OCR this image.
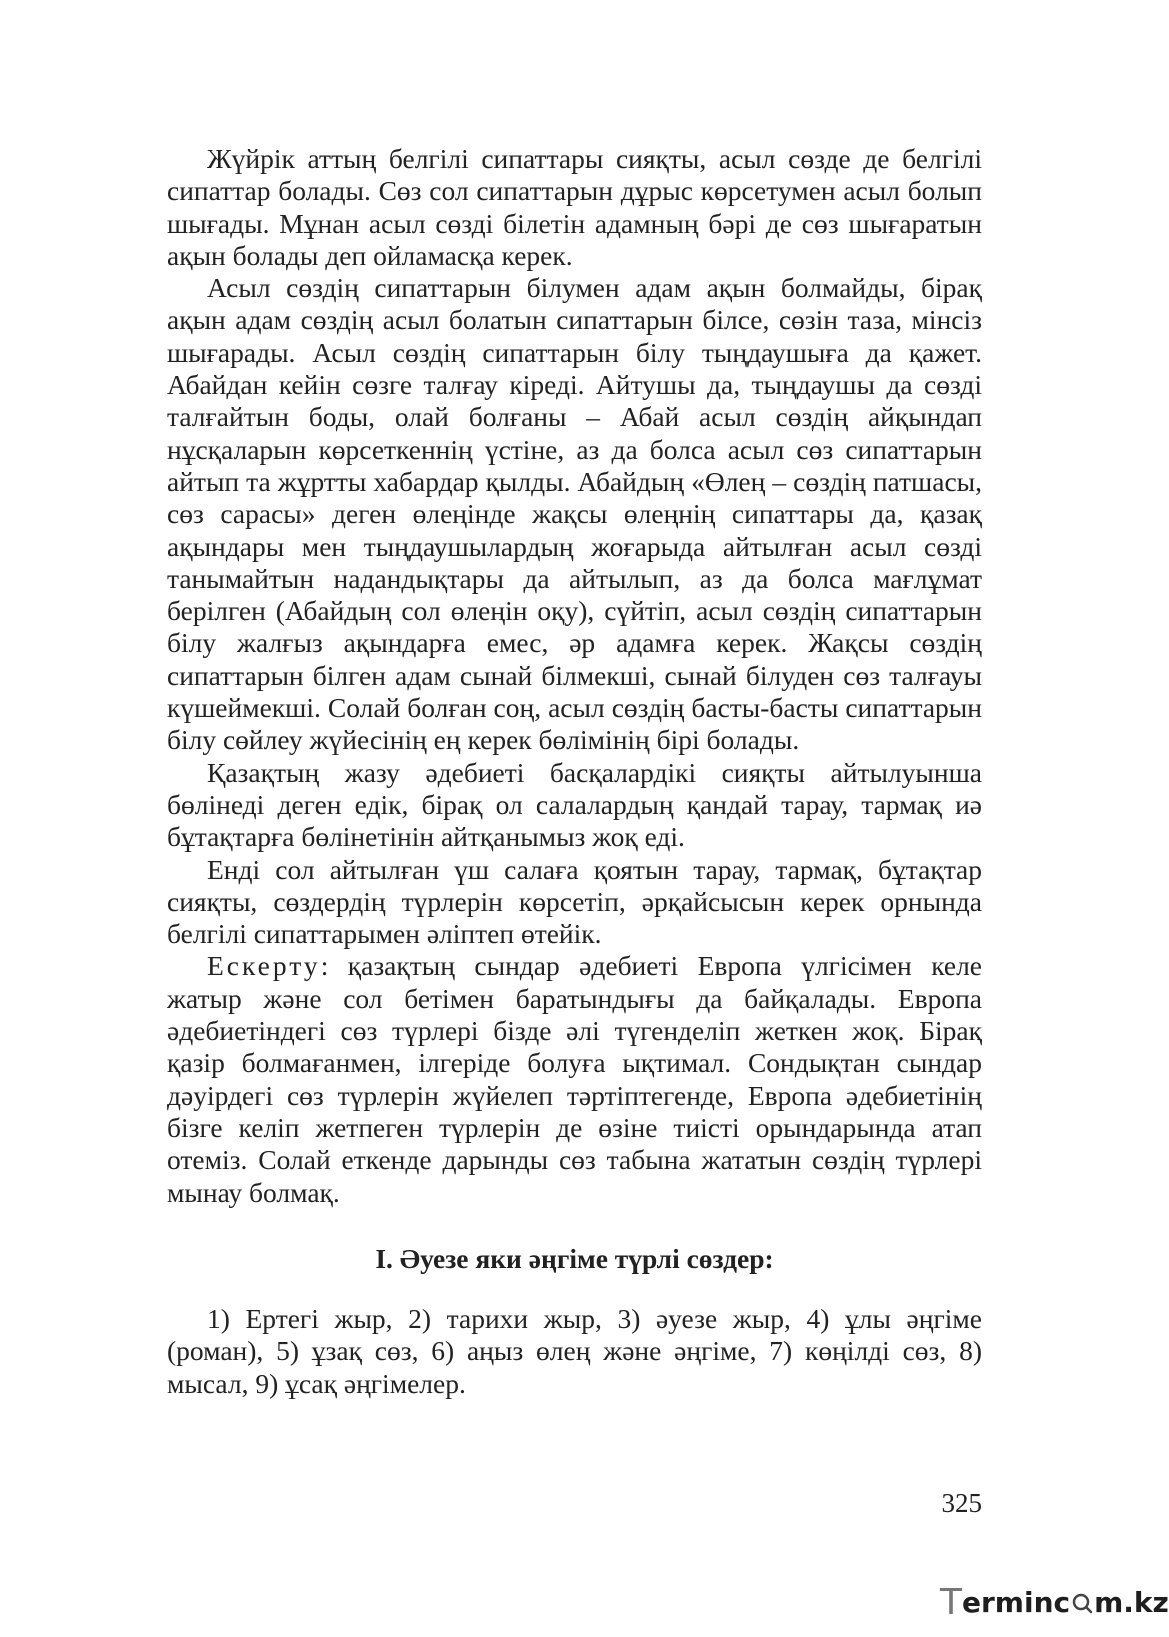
Жүйрік аттың белгілі сипаттары сияқты, асыл сөзде де белгілі сипаттар болады. Сөз сол сипаттарын дұрыс көрсетумен асыл болып шығады. Мұнан асыл сөзді білетін адамның бәрі де сөз шығаратын ақын болады деп ойламасқа керек.

Асыл сөздің сипаттарын білумен адам ақын болмайды, бірақ ақын адам сөздің асыл болатын сипаттарын білсе, сөзін таза, мінсіз шығарады. Асыл сөздің сипаттарын білу тыңдаушыға да қажет. Абайдан кейін сөзге талғау кіреді. Айтушы да, тыңдаушы да сөзді талғайтын боды, олай болғаны – Абай асыл сөздің айқындап нұсқаларын көрсеткеннің үстіне, аз да болса асыл сөз сипаттарын айтып та жұртты хабардар қылды. Абайдың «Өлең – сөздің патшасы, сөз сарасы» деген өлеңінде жақсы өлеңнің сипаттары да, қазақ ақындары мен тыңдаушылардың жоғарыда айтылған асыл сөзді танымайтын надандықтары да айтылып, аз да болса мағлұмат берілген (Абайдың сол өлеңін оқу), сүйтіп, асыл сөздің сипаттарын білу жалғыз ақындарға емес, әр адамға керек. Жақсы сөздің сипаттарын білген адам сынай білмекші, сынай білуден сөз талғауы күшеймекші. Солай болған соң, асыл сөздің басты-басты сипаттарын білу сөйлеу жүйесінің ең керек бөлімінің бірі болады.

Қазақтың жазу әдебиеті басқалардікі сияқты айтылуынша бөлінеді деген едік, бірақ ол салалардың қандай тарау, тармақ иә бұтақтарға бөлінетінін айтқанымыз жоқ еді.

Енді сол айтылған үш салаға қоятын тарау, тармақ, бұтақтар сияқты, сөздердің түрлерін көрсетіп, әрқайсысын керек орнында белгілі сипаттарымен әліптеп өтейік.

Ескерту: қазақтың сындар әдебиеті Европа үлгісімен келе жатыр және сол бетімен баратындығы да байқалады. Европа әдебиетіндегі сөз түрлері бізде әлі түгенделіп жеткен жоқ. Бірақ қазір болмағанмен, ілгеріде болуға ықтимал. Сондықтан сындар дәуірдегі сөз түрлерін жүйелеп тәртіптегенде, Европа әдебиетінің бізге келіп жетпеген түрлерін де өзіне тиісті орындарында атап отеміз. Солай еткенде дарынды сөз табына жататын сөздің түрлері мынау болмақ.

І. Әуезе яки әңгіме түрлі сөздер:

1) Ертегі жыр, 2) тарихи жыр, 3) әуезе жыр, 4) ұлы әңгіме (роман), 5) ұзақ сөз, 6) аңыз өлең және әңгіме, 7) көңілді сөз, 8) мысал, 9) ұсақ әңгімелер.

325
T erminc m.kz
